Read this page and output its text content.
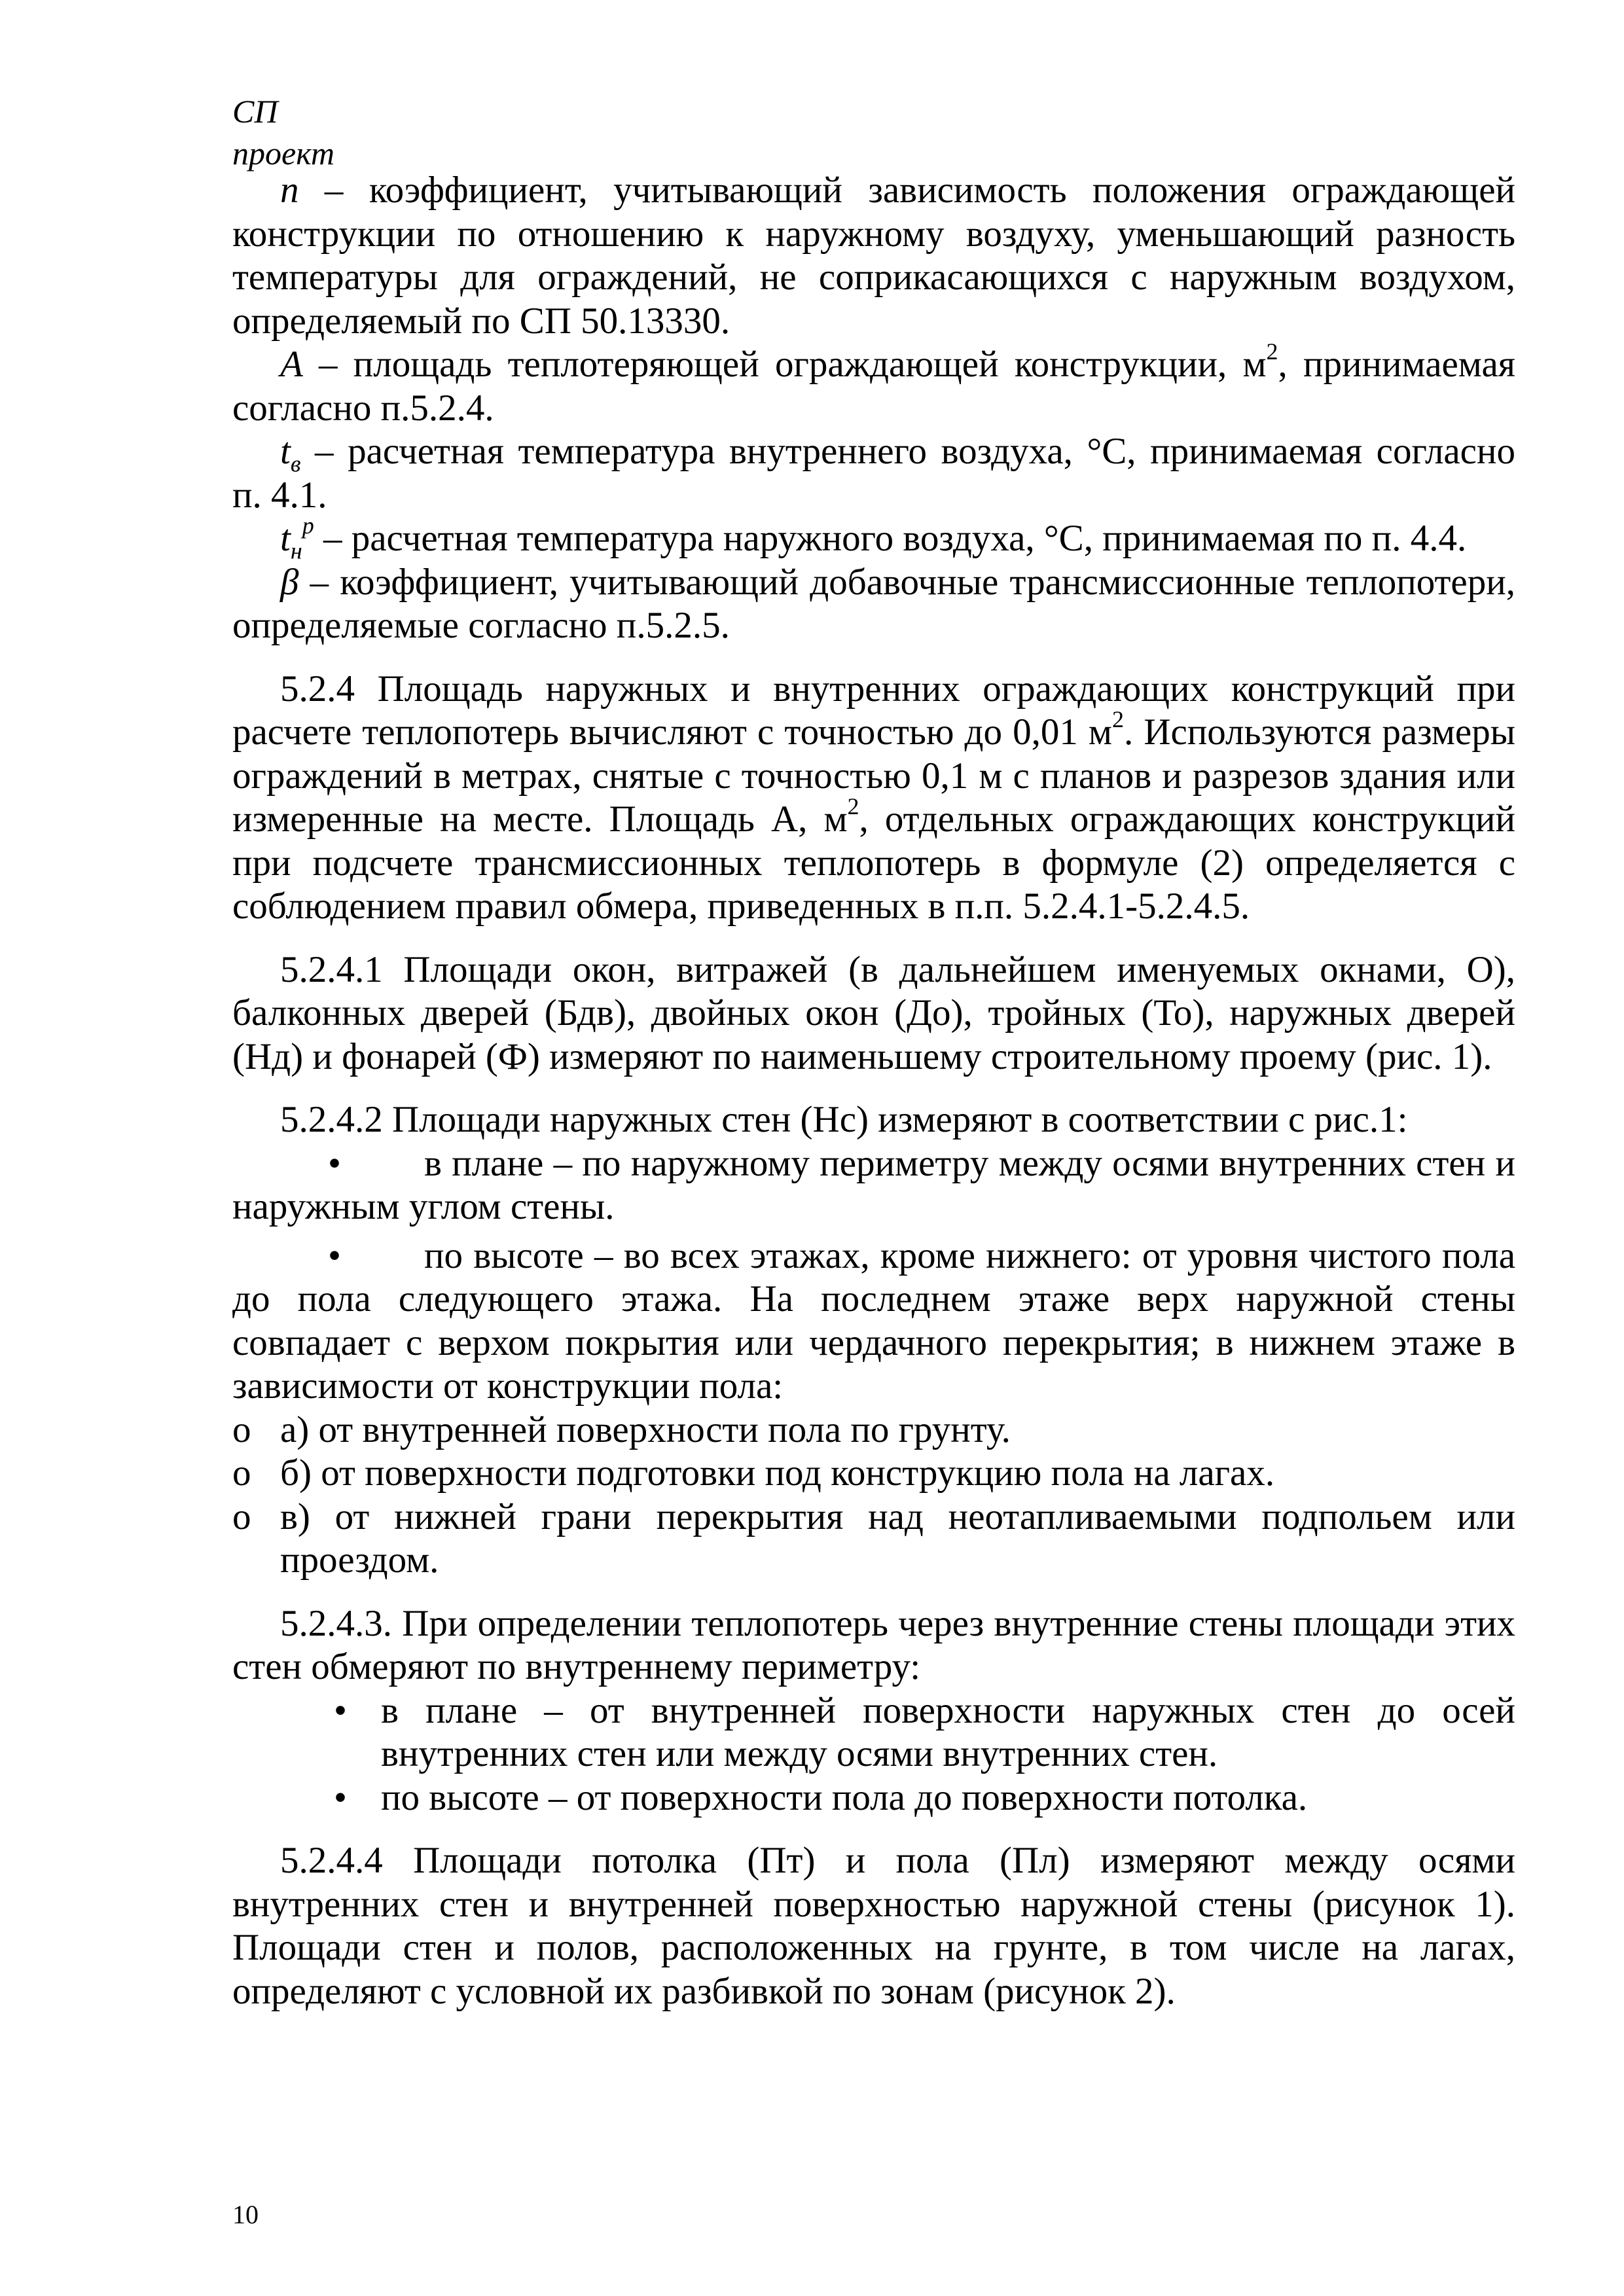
СП
проект

n – коэффициент, учитывающий зависимость положения ограждающей конструкции по отношению к наружному воздуху, уменьшающий разность температуры для ограждений, не соприкасающихся с наружным воздухом, определяемый по СП 50.13330.

A – площадь теплотеряющей ограждающей конструкции, $м^2$, принимаемая согласно п.5.2.4.

$t_в$ – расчетная температура внутреннего воздуха, °С, принимаемая согласно п. 4.1.

$t_н^p$ – расчетная температура наружного воздуха, °С, принимаемая по п. 4.4.

β – коэффициент, учитывающий добавочные трансмиссионные теплопотери, определяемые согласно п.5.2.5.

5.2.4 Площадь наружных и внутренних ограждающих конструкций при расчете теплопотерь вычисляют с точностью до 0,01 $м^2$. Используются размеры ограждений в метрах, снятые с точностью 0,1 м с планов и разрезов здания или измеренные на месте. Площадь А, $м^2$, отдельных ограждающих конструкций при подсчете трансмиссионных теплопотерь в формуле (2) определяется с соблюдением правил обмера, приведенных в п.п. 5.2.4.1-5.2.4.5.

5.2.4.1 Площади окон, витражей (в дальнейшем именуемых окнами, О), балконных дверей (Бдв), двойных окон (До), тройных (То), наружных дверей (Нд) и фонарей (Ф) измеряют по наименьшему строительному проему (рис. 1).

5.2.4.2 Площади наружных стен (Нс) измеряют в соответствии с рис.1:

• в плане – по наружному периметру между осями внутренних стен и наружным углом стены.

• по высоте – во всех этажах, кроме нижнего: от уровня чистого пола до пола следующего этажа. На последнем этаже верх наружной стены совпадает с верхом покрытия или чердачного перекрытия; в нижнем этаже в зависимости от конструкции пола:

o а) от внутренней поверхности пола по грунту.

o б) от поверхности подготовки под конструкцию пола на лагах.

o в) от нижней грани перекрытия над неотапливаемыми подпольем или проездом.

5.2.4.3. При определении теплопотерь через внутренние стены площади этих стен обмеряют по внутреннему периметру:

• в плане – от внутренней поверхности наружных стен до осей внутренних стен или между осями внутренних стен.

• по высоте – от поверхности пола до поверхности потолка.

5.2.4.4 Площади потолка (Пт) и пола (Пл) измеряют между осями внутренних стен и внутренней поверхностью наружной стены (рисунок 1). Площади стен и полов, расположенных на грунте, в том числе на лагах, определяют с условной их разбивкой по зонам (рисунок 2).

10
